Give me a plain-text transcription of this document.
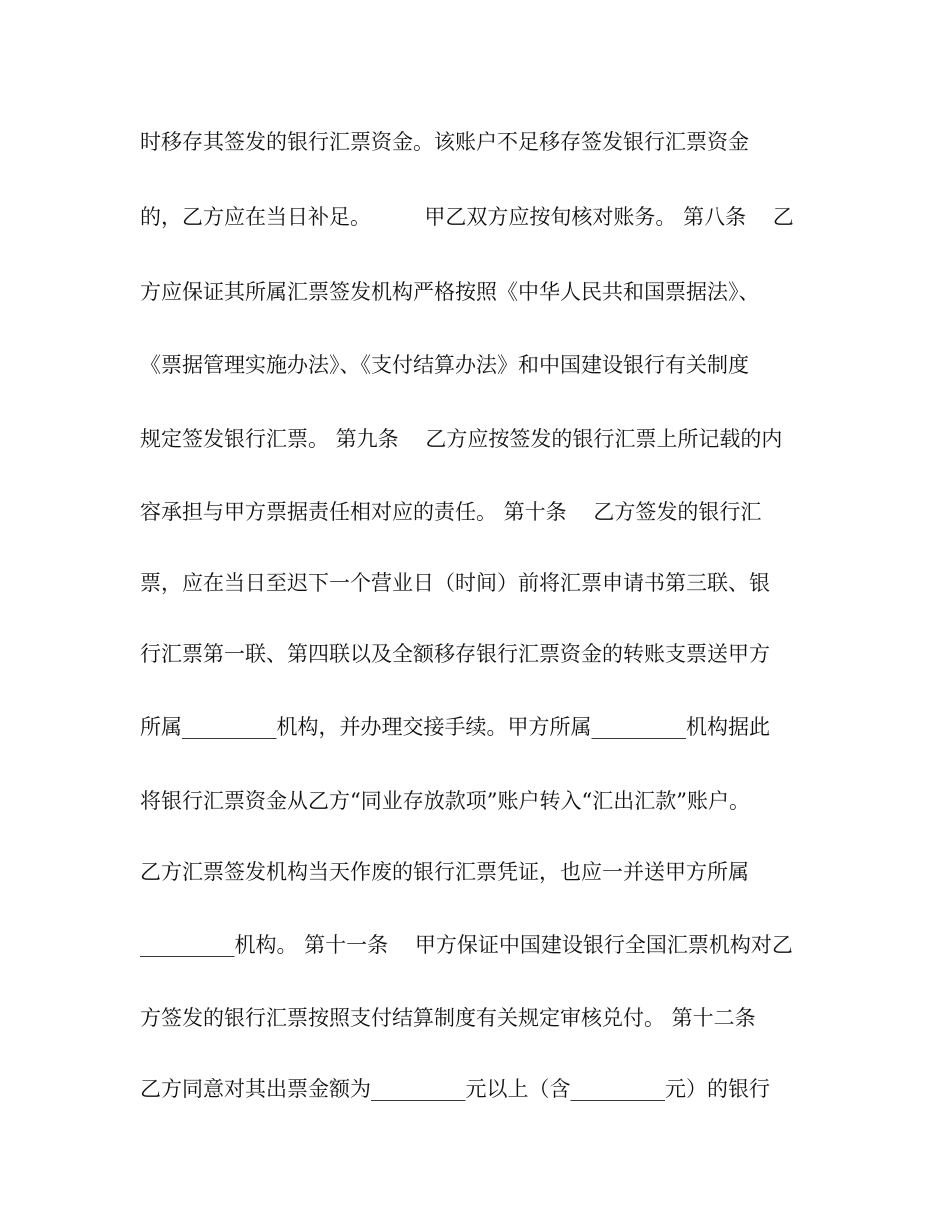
时移存其签发的银行汇票资金。该账户不足移存签发银行汇票资金
的，乙方应在当日补足。        甲乙双方应按旬核对账务。 第八条    乙
方应保证其所属汇票签发机构严格按照《中华人民共和国票据法》、
《票据管理实施办法》、《支付结算办法》和中国建设银行有关制度
规定签发银行汇票。 第九条    乙方应按签发的银行汇票上所记载的内
容承担与甲方票据责任相对应的责任。 第十条    乙方签发的银行汇
票，应在当日至迟下一个营业日（时间）前将汇票申请书第三联、银
行汇票第一联、第四联以及全额移存银行汇票资金的转账支票送甲方
所属_________机构，并办理交接手续。甲方所属_________机构据此
将银行汇票资金从乙方“同业存放款项”账户转入“汇出汇款”账户。
乙方汇票签发机构当天作废的银行汇票凭证，也应一并送甲方所属
_________机构。 第十一条    甲方保证中国建设银行全国汇票机构对乙
方签发的银行汇票按照支付结算制度有关规定审核兑付。 第十二条
乙方同意对其出票金额为_________元以上（含_________元）的银行
